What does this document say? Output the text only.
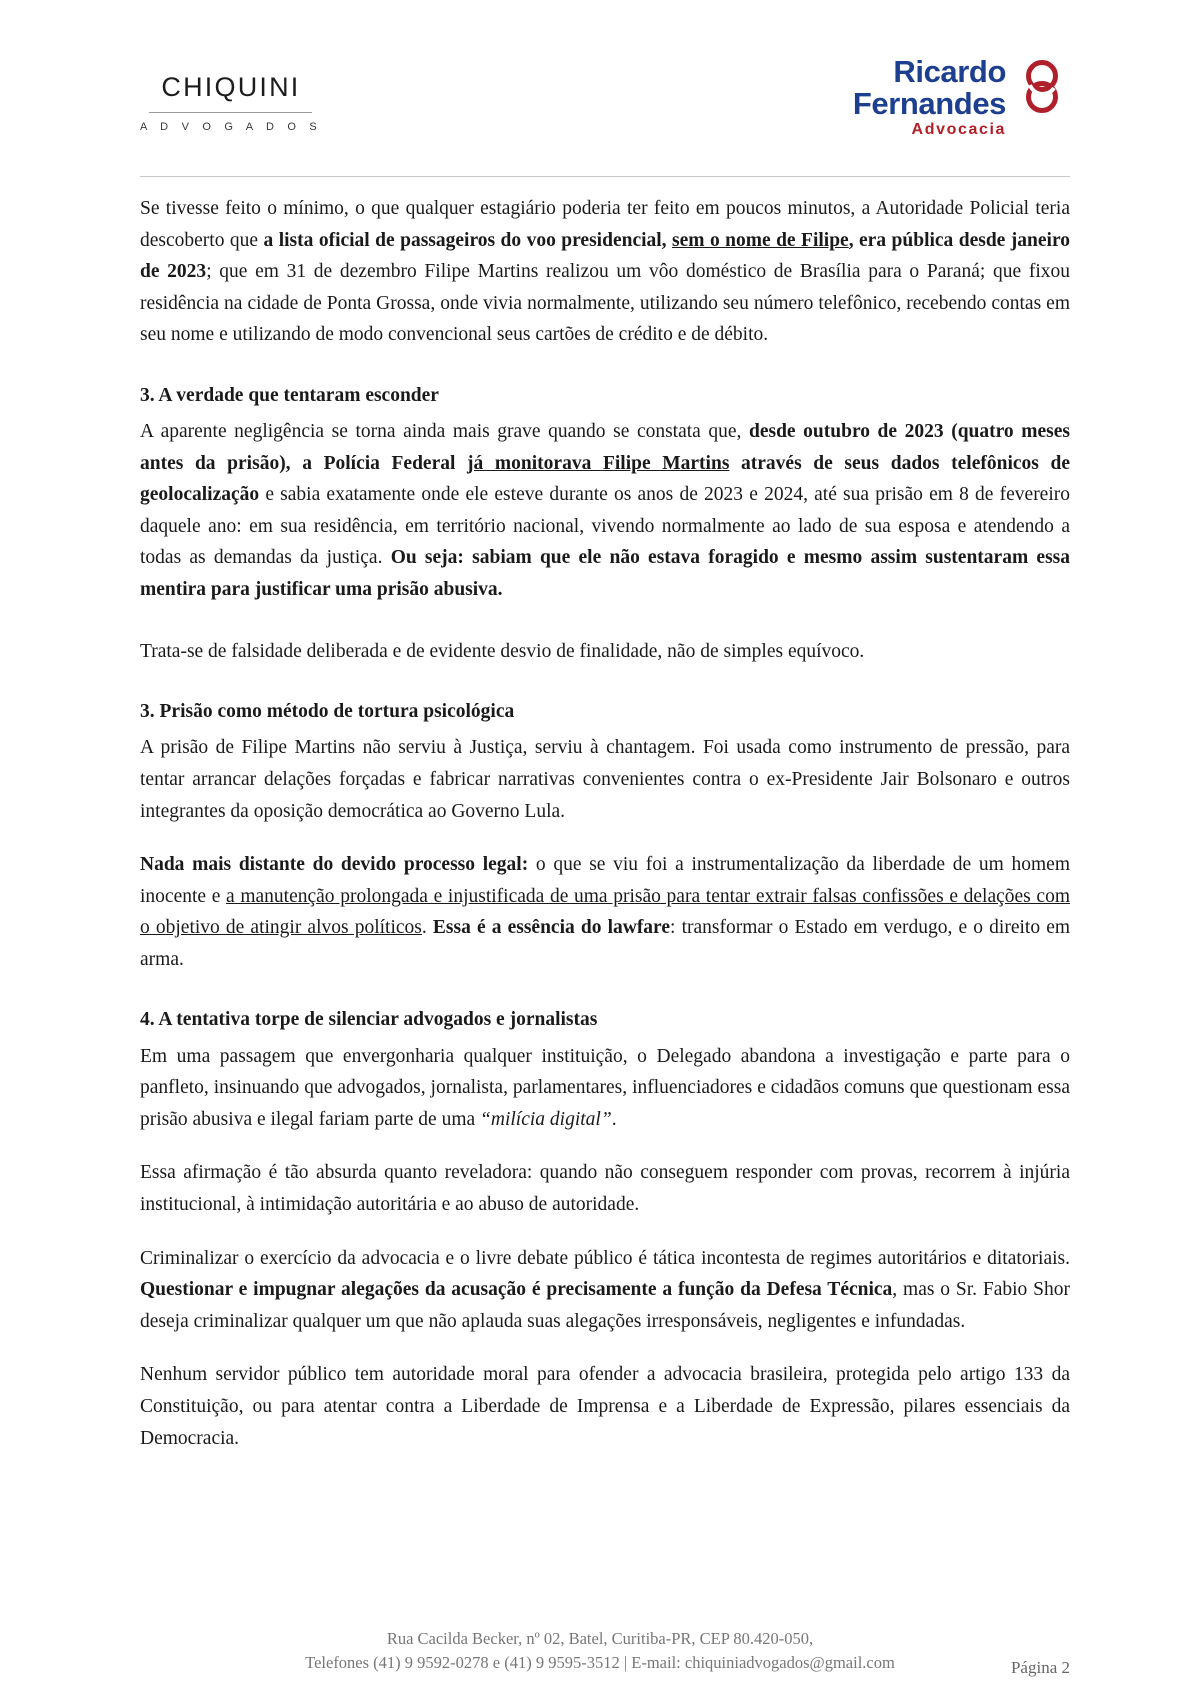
CHIQUINI
A D V O G A D O S
Ricardo
Fernandes
Advocacia

Se tivesse feito o mínimo, o que qualquer estagiário poderia ter feito em poucos minutos, a Autoridade Policial teria descoberto que a lista oficial de passageiros do voo presidencial, sem o nome de Filipe, era pública desde janeiro de 2023; que em 31 de dezembro Filipe Martins realizou um vôo doméstico de Brasília para o Paraná; que fixou residência na cidade de Ponta Grossa, onde vivia normalmente, utilizando seu número telefônico, recebendo contas em seu nome e utilizando de modo convencional seus cartões de crédito e de débito.

3. A verdade que tentaram esconder

A aparente negligência se torna ainda mais grave quando se constata que, desde outubro de 2023 (quatro meses antes da prisão), a Polícia Federal já monitorava Filipe Martins através de seus dados telefônicos de geolocalização e sabia exatamente onde ele esteve durante os anos de 2023 e 2024, até sua prisão em 8 de fevereiro daquele ano: em sua residência, em território nacional, vivendo normalmente ao lado de sua esposa e atendendo a todas as demandas da justiça. Ou seja: sabiam que ele não estava foragido e mesmo assim sustentaram essa mentira para justificar uma prisão abusiva.

Trata-se de falsidade deliberada e de evidente desvio de finalidade, não de simples equívoco.

3. Prisão como método de tortura psicológica

A prisão de Filipe Martins não serviu à Justiça, serviu à chantagem. Foi usada como instrumento de pressão, para tentar arrancar delações forçadas e fabricar narrativas convenientes contra o ex-Presidente Jair Bolsonaro e outros integrantes da oposição democrática ao Governo Lula.

Nada mais distante do devido processo legal: o que se viu foi a instrumentalização da liberdade de um homem inocente e a manutenção prolongada e injustificada de uma prisão para tentar extrair falsas confissões e delações com o objetivo de atingir alvos políticos. Essa é a essência do lawfare: transformar o Estado em verdugo, e o direito em arma.

4. A tentativa torpe de silenciar advogados e jornalistas

Em uma passagem que envergonharia qualquer instituição, o Delegado abandona a investigação e parte para o panfleto, insinuando que advogados, jornalista, parlamentares, influenciadores e cidadãos comuns que questionam essa prisão abusiva e ilegal fariam parte de uma “milícia digital”.

Essa afirmação é tão absurda quanto reveladora: quando não conseguem responder com provas, recorrem à injúria institucional, à intimidação autoritária e ao abuso de autoridade.

Criminalizar o exercício da advocacia e o livre debate público é tática incontesta de regimes autoritários e ditatoriais. Questionar e impugnar alegações da acusação é precisamente a função da Defesa Técnica, mas o Sr. Fabio Shor deseja criminalizar qualquer um que não aplauda suas alegações irresponsáveis, negligentes e infundadas.

Nenhum servidor público tem autoridade moral para ofender a advocacia brasileira, protegida pelo artigo 133 da Constituição, ou para atentar contra a Liberdade de Imprensa e a Liberdade de Expressão, pilares essenciais da Democracia.

Rua Cacilda Becker, nº 02, Batel, Curitiba-PR, CEP 80.420-050,
Telefones (41) 9 9592-0278 e (41) 9 9595-3512 | E-mail: chiquiniadvogados@gmail.com	Página 2
